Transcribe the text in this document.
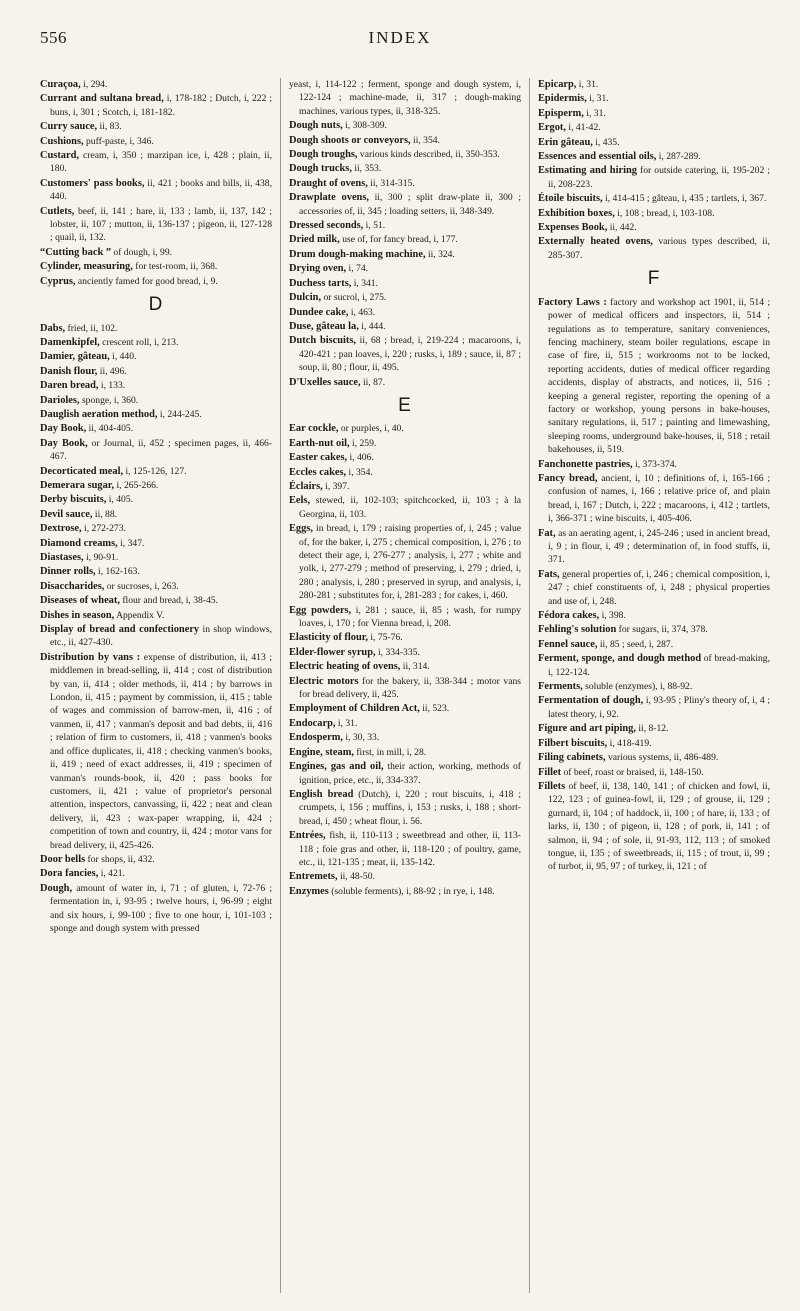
556	INDEX
Curaçoa, i, 294.
Currant and sultana bread, i, 178-182 ; Dutch, i, 222 ; buns, i, 301 ; Scotch, i, 181-182.
Curry sauce, ii, 83.
Cushions, puff-paste, i, 346.
Custard, cream, i, 350 ; marzipan ice, i, 428 ; plain, ii, 180.
Customers' pass books, ii, 421 ; books and bills, ii, 438, 440.
Cutlets, beef, ii, 141 ; hare, ii, 133 ; lamb, ii, 137, 142 ; lobster, ii, 107 ; mutton, ii, 136-137 ; pigeon, ii, 127-128 ; quail, ii, 132.
“Cutting back ” of dough, i, 99.
Cylinder, measuring, for test-room, ii, 368.
Cyprus, anciently famed for good bread, i, 9.
D
Dabs, fried, ii, 102.
Damenkipfel, crescent roll, i, 213.
Damier, gâteau, i, 440.
Danish flour, ii, 496.
Daren bread, i, 133.
Darioles, sponge, i, 360.
Dauglish aeration method, i, 244-245.
Day Book, ii, 404-405.
Day Book, or Journal, ii, 452 ; specimen pages, ii, 466-467.
Decorticated meal, i, 125-126, 127.
Demerara sugar, i, 265-266.
Derby biscuits, i, 405.
Devil sauce, ii, 88.
Dextrose, i, 272-273.
Diamond creams, i, 347.
Diastases, i, 90-91.
Dinner rolls, i, 162-163.
Disaccharides, or sucroses, i, 263.
Diseases of wheat, flour and bread, i, 38-45.
Dishes in season, Appendix V.
Display of bread and confectionery in shop windows, etc., ii, 427-430.
Distribution by vans : expense of distribution, ii, 413 ; middlemen in bread-selling, ii, 414 ; cost of distribution by van, ii, 414 ; older methods, ii, 414 ; by barrows in London, ii, 415 ; payment by commission, ii, 415 ; table of wages and commission of barrow-men, ii, 416 ; of vanmen, ii, 417 ; vanman's deposit and bad debts, ii, 416 ; relation of firm to customers, ii, 418 ; vanmen's books and office duplicates, ii, 418 ; checking vanmen's books, ii, 419 ; need of exact addresses, ii, 419 ; specimen of vanman's rounds-book, ii, 420 ; pass books for customers, ii, 421 ; value of proprietor's personal attention, inspectors, canvassing, ii, 422 ; neat and clean delivery, ii, 423 ; wax-paper wrapping, ii, 424 ; competition of town and country, ii, 424 ; motor vans for bread delivery, ii, 425-426.
Door bells for shops, ii, 432.
Dora fancies, i, 421.
Dough, amount of water in, i, 71 ; of gluten, i, 72-76 ; fermentation in, i, 93-95 ; twelve hours, i, 96-99 ; eight and six hours, i, 99-100 ; five to one hour, i, 101-103 ; sponge and dough system with pressed
yeast, i, 114-122 ; ferment, sponge and dough system, i, 122-124 ; machine-made, ii, 317 ; dough-making machines, various types, ii, 318-325.
Dough nuts, i, 308-309.
Dough shoots or conveyors, ii, 354.
Dough troughs, various kinds described, ii, 350-353.
Dough trucks, ii, 353.
Draught of ovens, ii, 314-315.
Drawplate ovens, ii, 300 ; split draw-plate ii, 300 ; accessories of, ii, 345 ; loading setters, ii, 348-349.
Dressed seconds, i, 51.
Dried milk, use of, for fancy bread, i, 177.
Drum dough-making machine, ii, 324.
Drying oven, i, 74.
Duchess tarts, i, 341.
Dulcin, or sucrol, i, 275.
Dundee cake, i, 463.
Duse, gâteau la, i, 444.
Dutch biscuits, ii, 68 ; bread, i, 219-224 ; macaroons, i, 420-421 ; pan loaves, i, 220 ; rusks, i, 189 ; sauce, ii, 87 ; soup, ii, 80 ; flour, ii, 495.
D'Uxelles sauce, ii, 87.
E
Ear cockle, or purples, i, 40.
Earth-nut oil, i, 259.
Easter cakes, i, 406.
Eccles cakes, i, 354.
Éclairs, i, 397.
Eels, stewed, ii, 102-103; spitchcocked, ii, 103 ; à la Georgina, ii, 103.
Eggs, in bread, i, 179 ; raising properties of, i, 245 ; value of, for the baker, i, 275 ; chemical composition, i, 276 ; to detect their age, i, 276-277 ; analysis, i, 277 ; white and yolk, i, 277-279 ; method of preserving, i, 279 ; dried, i, 280 ; analysis, i, 280 ; preserved in syrup, and analysis, i, 280-281 ; substitutes for, i, 281-283 ; for cakes, i, 460.
Egg powders, i, 281 ; sauce, ii, 85 ; wash, for rumpy loaves, i, 170 ; for Vienna bread, i, 208.
Elasticity of flour, i, 75-76.
Elder-flower syrup, i, 334-335.
Electric heating of ovens, ii, 314.
Electric motors for the bakery, ii, 338-344 ; motor vans for bread delivery, ii, 425.
Employment of Children Act, ii, 523.
Endocarp, i, 31.
Endosperm, i, 30, 33.
Engine, steam, first, in mill, i, 28.
Engines, gas and oil, their action, working, methods of ignition, price, etc., ii, 334-337.
English bread (Dutch), i, 220 ; rout biscuits, i, 418 ; crumpets, i, 156 ; muffins, i, 153 ; rusks, i, 188 ; short-bread, i, 450 ; wheat flour, i. 56.
Entrées, fish, ii, 110-113 ; sweetbread and other, ii, 113-118 ; foie gras and other, ii, 118-120 ; of poultry, game, etc., ii, 121-135 ; meat, ii, 135-142.
Entremets, ii, 48-50.
Enzymes (soluble ferments), i, 88-92 ; in rye, i, 148.
Epicarp, i, 31.
Epidermis, i, 31.
Episperm, i, 31.
Ergot, i, 41-42.
Erin gâteau, i, 435.
Essences and essential oils, i, 287-289.
Estimating and hiring for outside catering, ii, 195-202 ; ii, 208-223.
Étoile biscuits, i, 414-415 ; gâteau, i, 435 ; tartlets, i, 367.
Exhibition boxes, i, 108 ; bread, i, 103-108.
Expenses Book, ii, 442.
Externally heated ovens, various types described, ii, 285-307.
F
Factory Laws : factory and workshop act 1901, ii, 514 ; power of medical officers and inspectors, ii, 514 ; regulations as to temperature, sanitary conveniences, fencing machinery, steam boiler regulations, escape in case of fire, ii, 515 ; workrooms not to be locked, reporting accidents, duties of medical officer regarding accidents, display of abstracts, and notices, ii, 516 ; keeping a general register, reporting the opening of a factory or workshop, young persons in bake-houses, sanitary regulations, ii, 517 ; painting and limewashing, sleeping rooms, underground bake-houses, ii, 518 ; retail bakehouses, ii, 519.
Fanchonette pastries, i, 373-374.
Fancy bread, ancient, i, 10 ; definitions of, i, 165-166 ; confusion of names, i, 166 ; relative price of, and plain bread, i, 167 ; Dutch, i, 222 ; macaroons, i, 412 ; tartlets, i, 366-371 ; wine biscuits, i, 405-406.
Fat, as an aerating agent, i, 245-246 ; used in ancient bread, i, 9 ; in flour, i, 49 ; determination of, in food stuffs, ii, 371.
Fats, general properties of, i, 246 ; chemical composition, i, 247 ; chief constituents of, i, 248 ; physical properties and use of, i, 248.
Fédora cakes, i, 398.
Fehling's solution for sugars, ii, 374, 378.
Fennel sauce, ii, 85 ; seed, i, 287.
Ferment, sponge, and dough method of bread-making, i, 122-124.
Ferments, soluble (enzymes), i, 88-92.
Fermentation of dough, i, 93-95 ; Pliny's theory of, i, 4 ; latest theory, i, 92.
Figure and art piping, ii, 8-12.
Filbert biscuits, i, 418-419.
Filing cabinets, various systems, ii, 486-489.
Fillet of beef, roast or braised, ii, 148-150.
Fillets of beef, ii, 138, 140, 141 ; of chicken and fowl, ii, 122, 123 ; of guinea-fowl, ii, 129 ; of grouse, ii, 129 ; gurnard, ii, 104 ; of haddock, ii, 100 ; of hare, ii, 133 ; of larks, ii, 130 ; of pigeon, ii, 128 ; of pork, ii, 141 ; of salmon, ii, 94 ; of sole, ii, 91-93, 112, 113 ; of smoked tongue, ii, 135 ; of sweetbreads, ii, 115 ; of trout, ii, 99 ; of turbot, ii, 95, 97 ; of turkey, ii, 121 ; of
